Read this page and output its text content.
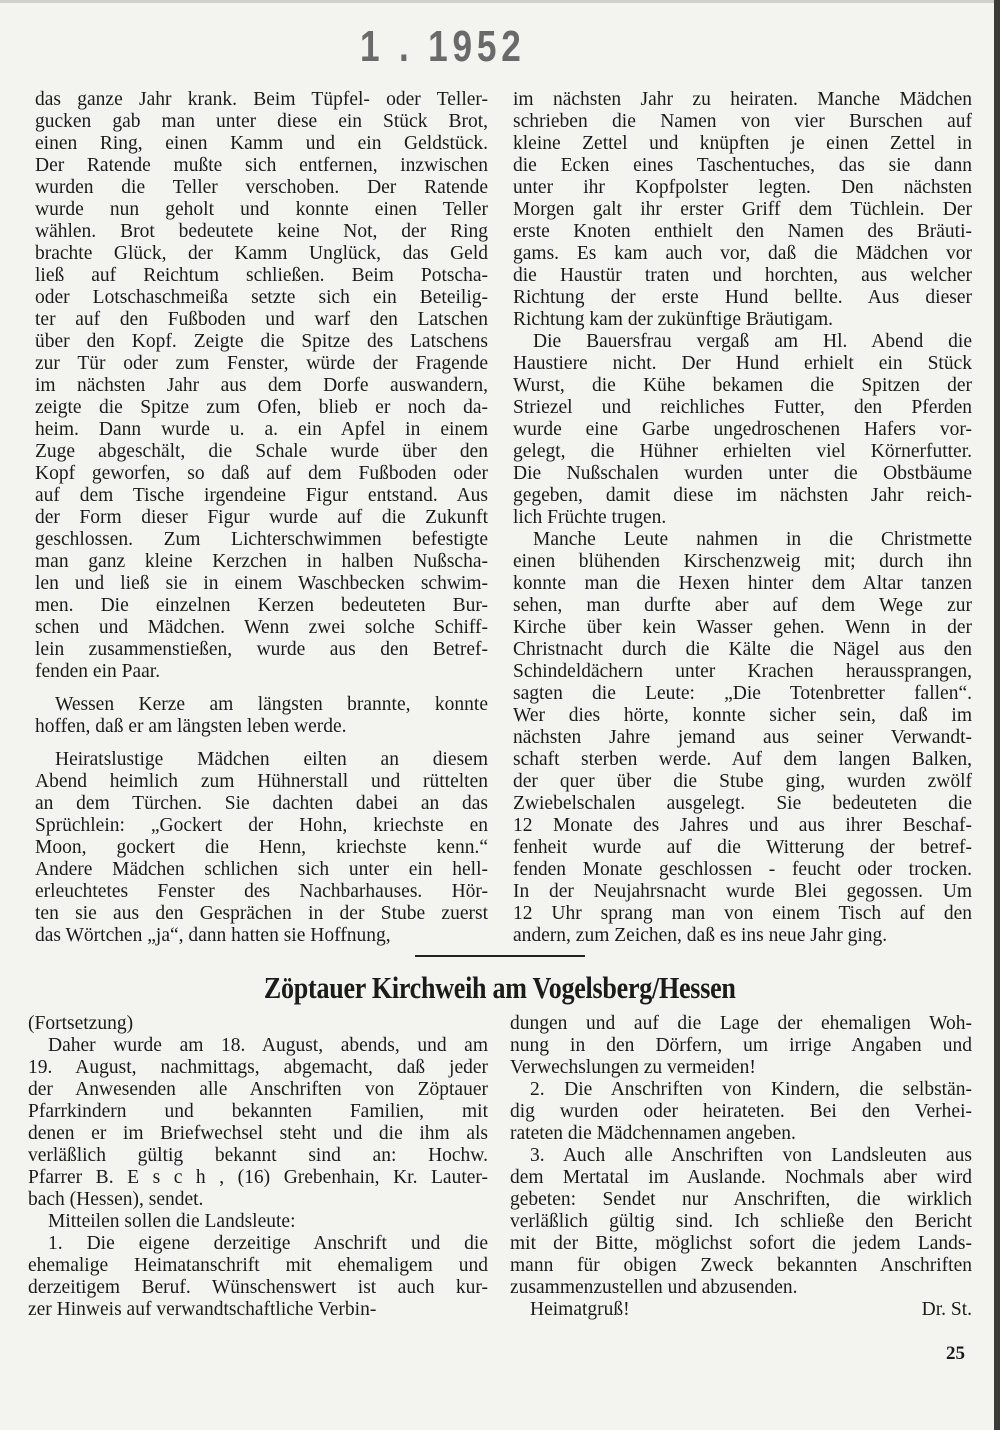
1 . 1952
das ganze Jahr krank. Beim Tüpfel- oder Teller-
gucken gab man unter diese ein Stück Brot,
einen Ring, einen Kamm und ein Geldstück.
Der Ratende mußte sich entfernen, inzwischen
wurden die Teller verschoben. Der Ratende
wurde nun geholt und konnte einen Teller
wählen. Brot bedeutete keine Not, der Ring
brachte Glück, der Kamm Unglück, das Geld
ließ auf Reichtum schließen. Beim Potscha-
oder Lotschaschmeißa setzte sich ein Beteilig-
ter auf den Fußboden und warf den Latschen
über den Kopf. Zeigte die Spitze des Latschens
zur Tür oder zum Fenster, würde der Fragende
im nächsten Jahr aus dem Dorfe auswandern,
zeigte die Spitze zum Ofen, blieb er noch da-
heim. Dann wurde u. a. ein Apfel in einem
Zuge abgeschält, die Schale wurde über den
Kopf geworfen, so daß auf dem Fußboden oder
auf dem Tische irgendeine Figur entstand. Aus
der Form dieser Figur wurde auf die Zukunft
geschlossen. Zum Lichterschwimmen befestigte
man ganz kleine Kerzchen in halben Nußscha-
len und ließ sie in einem Waschbecken schwim-
men. Die einzelnen Kerzen bedeuteten Bur-
schen und Mädchen. Wenn zwei solche Schiff-
lein zusammenstießen, wurde aus den Betref-
fenden ein Paar.
Wessen Kerze am längsten brannte, konnte
hoffen, daß er am längsten leben werde.
Heiratslustige Mädchen eilten an diesem
Abend heimlich zum Hühnerstall und rüttelten
an dem Türchen. Sie dachten dabei an das
Sprüchlein: „Gockert der Hohn, kriechste en
Moon, gockert die Henn, kriechste kenn.“
Andere Mädchen schlichen sich unter ein hell-
erleuchtetes Fenster des Nachbarhauses. Hör-
ten sie aus den Gesprächen in der Stube zuerst
das Wörtchen „ja“, dann hatten sie Hoffnung,
im nächsten Jahr zu heiraten. Manche Mädchen
schrieben die Namen von vier Burschen auf
kleine Zettel und knüpften je einen Zettel in
die Ecken eines Taschentuches, das sie dann
unter ihr Kopfpolster legten. Den nächsten
Morgen galt ihr erster Griff dem Tüchlein. Der
erste Knoten enthielt den Namen des Bräuti-
gams. Es kam auch vor, daß die Mädchen vor
die Haustür traten und horchten, aus welcher
Richtung der erste Hund bellte. Aus dieser
Richtung kam der zukünftige Bräutigam.
Die Bauersfrau vergaß am Hl. Abend die
Haustiere nicht. Der Hund erhielt ein Stück
Wurst, die Kühe bekamen die Spitzen der
Striezel und reichliches Futter, den Pferden
wurde eine Garbe ungedroschenen Hafers vor-
gelegt, die Hühner erhielten viel Körnerfutter.
Die Nußschalen wurden unter die Obstbäume
gegeben, damit diese im nächsten Jahr reich-
lich Früchte trugen.
Manche Leute nahmen in die Christmette
einen blühenden Kirschenzweig mit; durch ihn
konnte man die Hexen hinter dem Altar tanzen
sehen, man durfte aber auf dem Wege zur
Kirche über kein Wasser gehen. Wenn in der
Christnacht durch die Kälte die Nägel aus den
Schindeldächern unter Krachen heraussprangen,
sagten die Leute: „Die Totenbretter fallen“.
Wer dies hörte, konnte sicher sein, daß im
nächsten Jahre jemand aus seiner Verwandt-
schaft sterben werde. Auf dem langen Balken,
der quer über die Stube ging, wurden zwölf
Zwiebelschalen ausgelegt. Sie bedeuteten die
12 Monate des Jahres und aus ihrer Beschaf-
fenheit wurde auf die Witterung der betref-
fenden Monate geschlossen - feucht oder trocken.
In der Neujahrsnacht wurde Blei gegossen. Um
12 Uhr sprang man von einem Tisch auf den
andern, zum Zeichen, daß es ins neue Jahr ging.
Zöptauer Kirchweih am Vogelsberg/Hessen
(Fortsetzung)
Daher wurde am 18. August, abends, und am
19. August, nachmittags, abgemacht, daß jeder
der Anwesenden alle Anschriften von Zöptauer
Pfarrkindern und bekannten Familien, mit
denen er im Briefwechsel steht und die ihm als
verläßlich gültig bekannt sind an: Hochw.
Pfarrer B. E s c h , (16) Grebenhain, Kr. Lauter-
bach (Hessen), sendet.
Mitteilen sollen die Landsleute:
1. Die eigene derzeitige Anschrift und die
ehemalige Heimatanschrift mit ehemaligem und
derzeitigem Beruf. Wünschenswert ist auch kur-
zer Hinweis auf verwandtschaftliche Verbin-
dungen und auf die Lage der ehemaligen Woh-
nung in den Dörfern, um irrige Angaben und
Verwechslungen zu vermeiden!
2. Die Anschriften von Kindern, die selbstän-
dig wurden oder heirateten. Bei den Verhei-
rateten die Mädchennamen angeben.
3. Auch alle Anschriften von Landsleuten aus
dem Mertatal im Auslande. Nochmals aber wird
gebeten: Sendet nur Anschriften, die wirklich
verläßlich gültig sind. Ich schließe den Bericht
mit der Bitte, möglichst sofort die jedem Lands-
mann für obigen Zweck bekannten Anschriften
zusammenzustellen und abzusenden.
Heimatgruß!	Dr. St.
25
